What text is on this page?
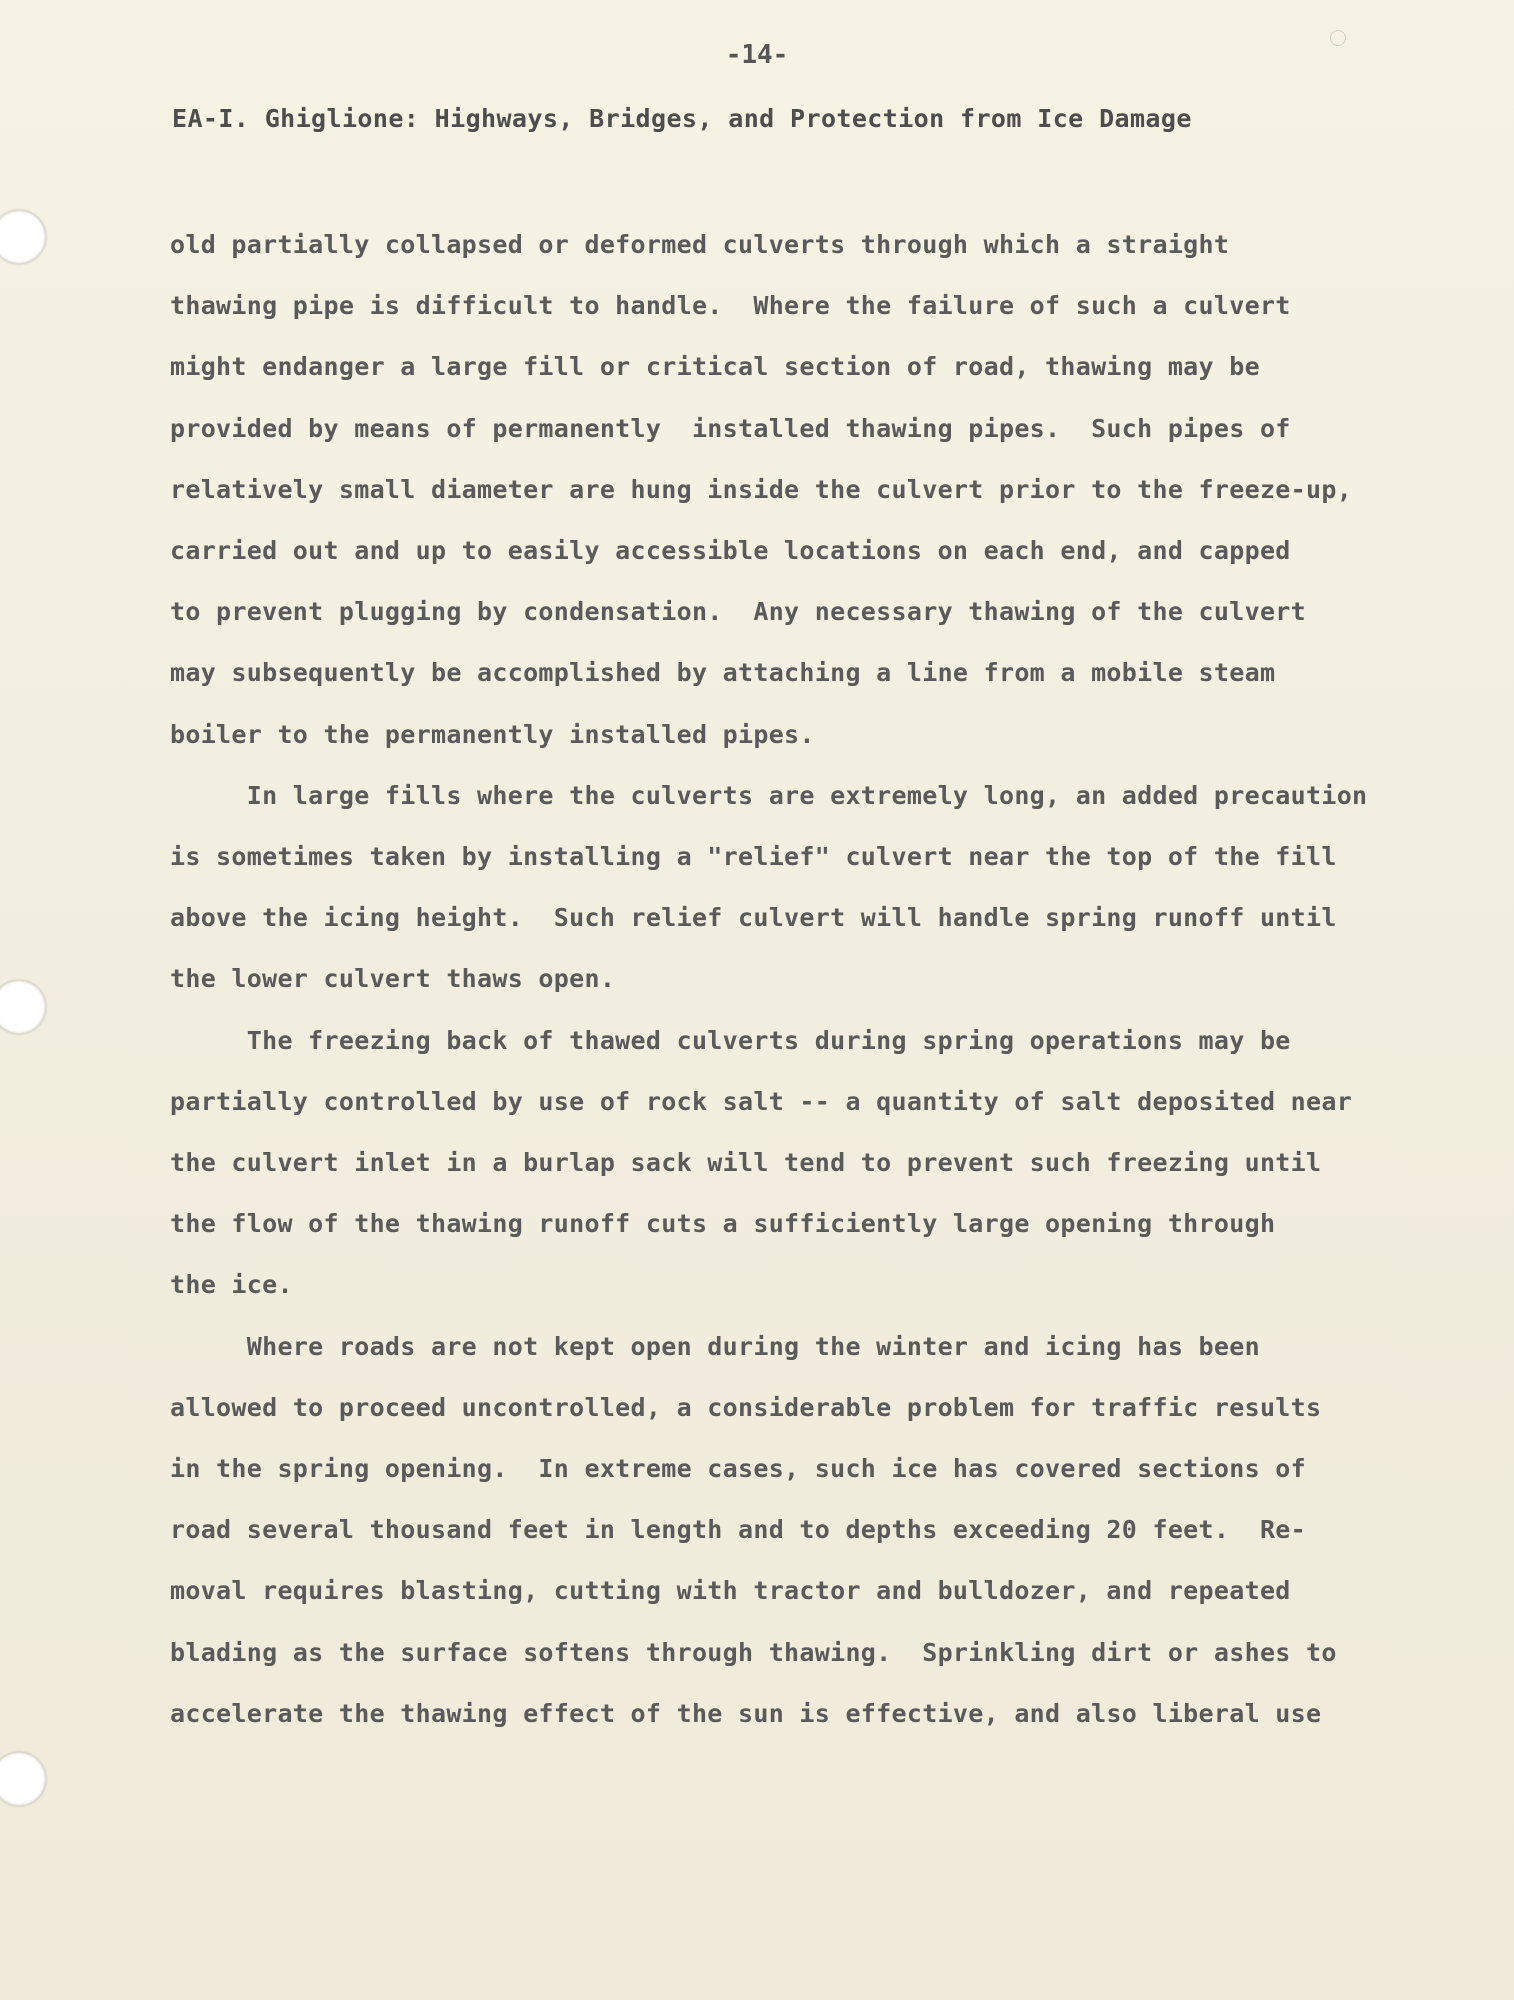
-14-
EA-I. Ghiglione: Highways, Bridges, and Protection from Ice Damage
old partially collapsed or deformed culverts through which a straight
thawing pipe is difficult to handle.  Where the failure of such a culvert
might endanger a large fill or critical section of road, thawing may be
provided by means of permanently  installed thawing pipes.  Such pipes of
relatively small diameter are hung inside the culvert prior to the freeze-up,
carried out and up to easily accessible locations on each end, and capped
to prevent plugging by condensation.  Any necessary thawing of the culvert
may subsequently be accomplished by attaching a line from a mobile steam
boiler to the permanently installed pipes.
In large fills where the culverts are extremely long, an added precaution
is sometimes taken by installing a "relief" culvert near the top of the fill
above the icing height.  Such relief culvert will handle spring runoff until
the lower culvert thaws open.
The freezing back of thawed culverts during spring operations may be
partially controlled by use of rock salt -- a quantity of salt deposited near
the culvert inlet in a burlap sack will tend to prevent such freezing until
the flow of the thawing runoff cuts a sufficiently large opening through
the ice.
Where roads are not kept open during the winter and icing has been
allowed to proceed uncontrolled, a considerable problem for traffic results
in the spring opening.  In extreme cases, such ice has covered sections of
road several thousand feet in length and to depths exceeding 20 feet.  Re-
moval requires blasting, cutting with tractor and bulldozer, and repeated
blading as the surface softens through thawing.  Sprinkling dirt or ashes to
accelerate the thawing effect of the sun is effective, and also liberal use
